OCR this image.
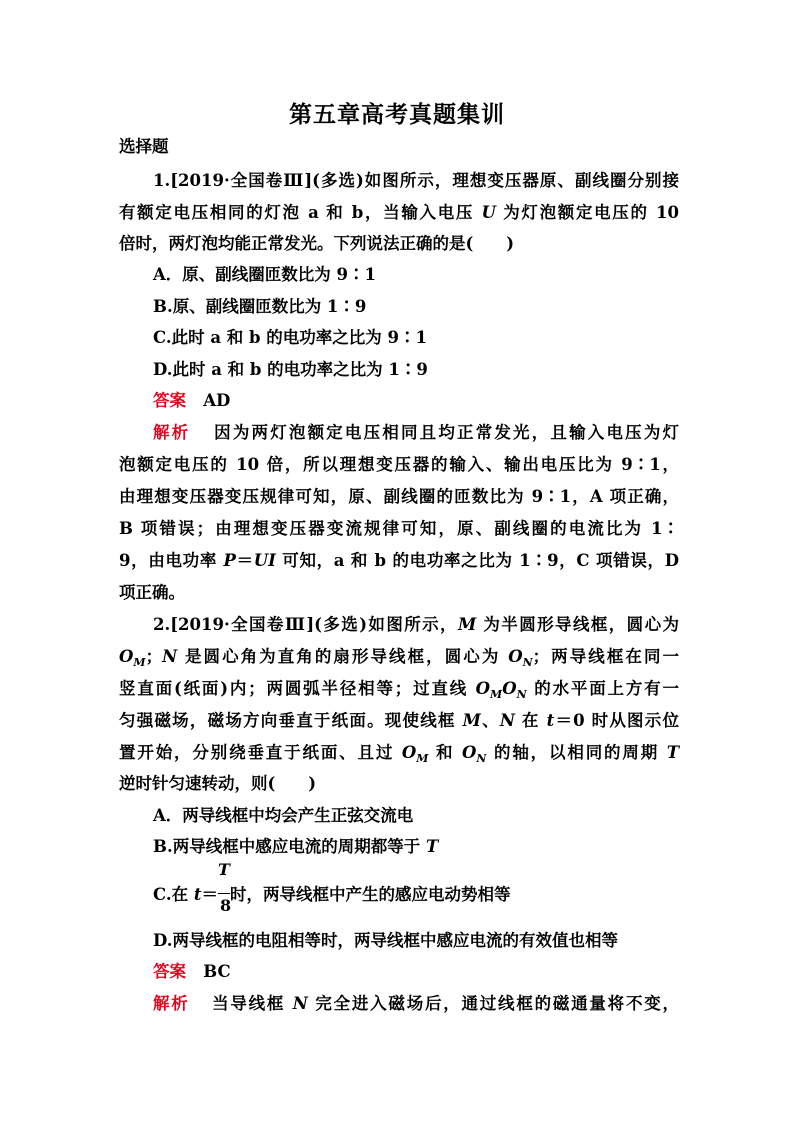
第五章高考真题集训
选择题
1.[2019·全国卷Ⅲ](多选)如图所示，理想变压器原、副线圈分别接
有额定电压相同的灯泡 a 和 b，当输入电压 U 为灯泡额定电压的 10
倍时，两灯泡均能正常发光。下列说法正确的是(　　)
A．原、副线圈匝数比为 9∶1
B.原、副线圈匝数比为 1∶9
C.此时 a 和 b 的电功率之比为 9∶1
D.此时 a 和 b 的电功率之比为 1∶9
答案 AD
解析 因为两灯泡额定电压相同且均正常发光，且输入电压为灯
泡额定电压的 10 倍，所以理想变压器的输入、输出电压比为 9∶1，
由理想变压器变压规律可知，原、副线圈的匝数比为 9∶1，A 项正确，
B 项错误；由理想变压器变流规律可知，原、副线圈的电流比为 1∶
9，由电功率 P＝UI 可知，a 和 b 的电功率之比为 1∶9，C 项错误，D
项正确。
2.[2019·全国卷Ⅲ](多选)如图所示，M 为半圆形导线框，圆心为
$O_M$；N 是圆心角为直角的扇形导线框，圆心为 $O_N$；两导线框在同一
竖直面(纸面)内；两圆弧半径相等；过直线 $O_MO_N$ 的水平面上方有一
匀强磁场，磁场方向垂直于纸面。现使线框 M、N 在 t＝0 时从图示位
置开始，分别绕垂直于纸面、且过 $O_M$ 和 $O_N$ 的轴，以相同的周期 T
逆时针匀速转动，则(　　)
A．两导线框中均会产生正弦交流电
B.两导线框中感应电流的周期都等于 T
C.在 $t= \frac{T}{8}$ 时，两导线框中产生的感应电动势相等
D.两导线框的电阻相等时，两导线框中感应电流的有效值也相等
答案 BC
解析 当导线框 N 完全进入磁场后，通过线框的磁通量将不变，
